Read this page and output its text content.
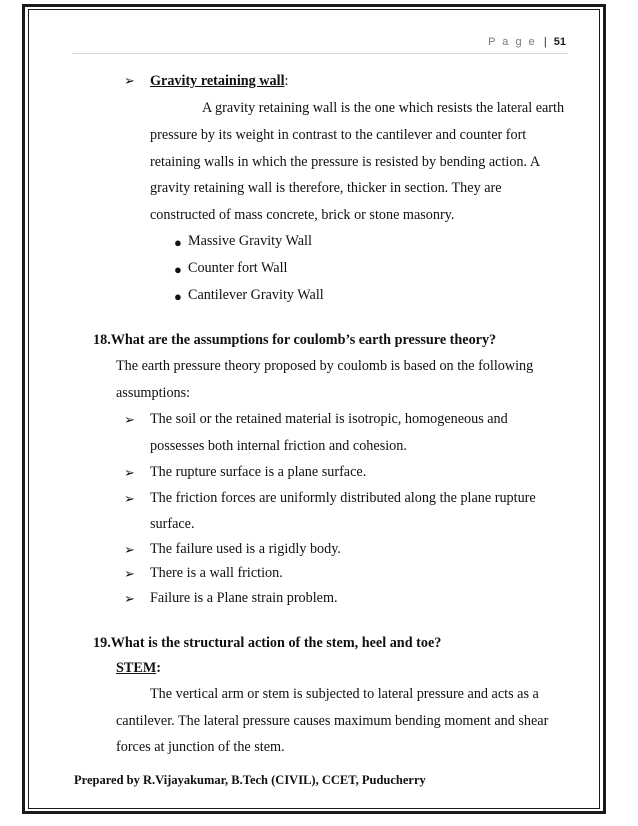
P a g e | 51
➢ Gravity retaining wall:
A gravity retaining wall is the one which resists the lateral earth
pressure by its weight in contrast to the cantilever and counter fort
retaining walls in which the pressure is resisted by bending action. A
gravity retaining wall is therefore, thicker in section. They are
constructed of mass concrete, brick or stone masonry.
● Massive Gravity Wall
● Counter fort Wall
● Cantilever Gravity Wall
18.What are the assumptions for coulomb’s earth pressure theory?
The earth pressure theory proposed by coulomb is based on the following
assumptions:
➢ The soil or the retained material is isotropic, homogeneous and
possesses both internal friction and cohesion.
➢ The rupture surface is a plane surface.
➢ The friction forces are uniformly distributed along the plane rupture
surface.
➢ The failure used is a rigidly body.
➢ There is a wall friction.
➢ Failure is a Plane strain problem.
19.What is the structural action of the stem, heel and toe?
STEM:
The vertical arm or stem is subjected to lateral pressure and acts as a
cantilever. The lateral pressure causes maximum bending moment and shear
forces at junction of the stem.
Prepared by R.Vijayakumar, B.Tech (CIVIL), CCET, Puducherry
